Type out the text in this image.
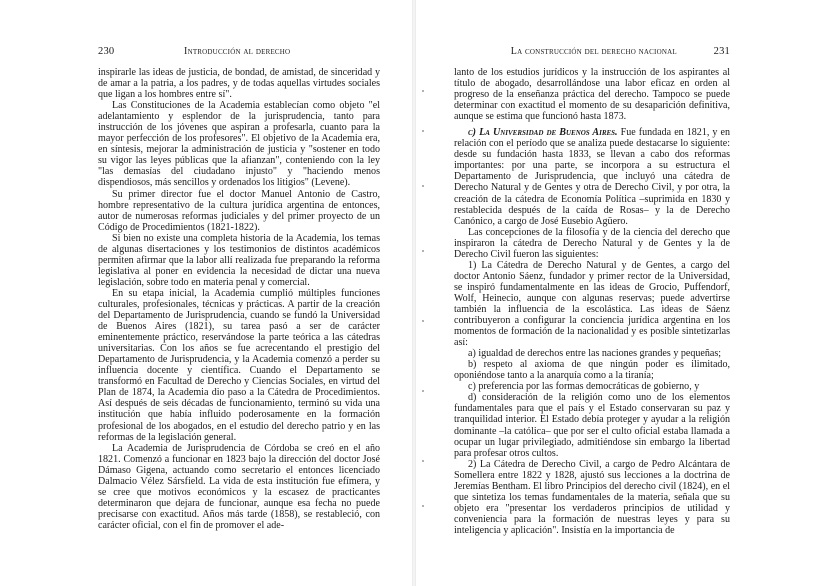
230	Introducción al derecho

inspirarle las ideas de justicia, de bondad, de amistad, de sinceridad y de amar a la patria, a los padres, y de todas aquellas virtudes sociales que ligan a los hombres entre sí".

Las Constituciones de la Academia establecían como objeto "el adelantamiento y esplendor de la jurisprudencia, tanto para instrucción de los jóvenes que aspiran a profesarla, cuanto para la mayor perfección de los profesores". El objetivo de la Academia era, en síntesis, mejorar la administración de justicia y "sostener en todo su vigor las leyes públicas que la afianzan", conteniendo con la ley "las demasías del ciudadano injusto" y "haciendo menos dispendiosos, más sencillos y ordenados los litigios" (Levene).

Su primer director fue el doctor Manuel Antonio de Castro, hombre representativo de la cultura jurídica argentina de entonces, autor de numerosas reformas judiciales y del primer proyecto de un Código de Procedimientos (1821-1822).

Si bien no existe una completa historia de la Academia, los temas de algunas disertaciones y los testimonios de distintos académicos permiten afirmar que la labor allí realizada fue preparando la reforma legislativa al poner en evidencia la necesidad de dictar una nueva legislación, sobre todo en materia penal y comercial.

En su etapa inicial, la Academia cumplió múltiples funciones culturales, profesionales, técnicas y prácticas. A partir de la creación del Departamento de Jurisprudencia, cuando se fundó la Universidad de Buenos Aires (1821), su tarea pasó a ser de carácter eminentemente práctico, reservándose la parte teórica a las cátedras universitarias. Con los años se fue acrecentando el prestigio del Departamento de Jurisprudencia, y la Academia comenzó a perder su influencia docente y científica. Cuando el Departamento se transformó en Facultad de Derecho y Ciencias Sociales, en virtud del Plan de 1874, la Academia dio paso a la Cátedra de Procedimientos. Así después de seis décadas de funcionamiento, terminó su vida una institución que había influido poderosamente en la formación profesional de los abogados, en el estudio del derecho patrio y en las reformas de la legislación general.

La Academia de Jurisprudencia de Córdoba se creó en el año 1821. Comenzó a funcionar en 1823 bajo la dirección del doctor José Dámaso Gigena, actuando como secretario el entonces licenciado Dalmacio Vélez Sársfield. La vida de esta institución fue efímera, y se cree que motivos económicos y la escasez de practicantes determinaron que dejara de funcionar, aunque esa fecha no puede precisarse con exactitud. Años más tarde (1858), se restableció, con carácter oficial, con el fin de promover el ade-

La construcción del derecho nacional	231

lanto de los estudios jurídicos y la instrucción de los aspirantes al título de abogado, desarrollándose una labor eficaz en orden al progreso de la enseñanza práctica del derecho. Tampoco se puede determinar con exactitud el momento de su desaparición definitiva, aunque se estima que funcionó hasta 1873.

c) La Universidad de Buenos Aires. Fue fundada en 1821, y en relación con el período que se analiza puede destacarse lo siguiente: desde su fundación hasta 1833, se llevan a cabo dos reformas importantes: por una parte, se incorpora a su estructura el Departamento de Jurisprudencia, que incluyó una cátedra de Derecho Natural y de Gentes y otra de Derecho Civil, y por otra, la creación de la cátedra de Economía Política –suprimida en 1830 y restablecida después de la caída de Rosas– y la de Derecho Canónico, a cargo de José Eusebio Agüero.

Las concepciones de la filosofía y de la ciencia del derecho que inspiraron la cátedra de Derecho Natural y de Gentes y la de Derecho Civil fueron las siguientes:

1) La Cátedra de Derecho Natural y de Gentes, a cargo del doctor Antonio Sáenz, fundador y primer rector de la Universidad, se inspiró fundamentalmente en las ideas de Grocio, Puffendorf, Wolf, Heinecio, aunque con algunas reservas; puede advertirse también la influencia de la escolástica. Las ideas de Sáenz contribuyeron a configurar la conciencia jurídica argentina en los momentos de formación de la nacionalidad y es posible sintetizarlas así:

a) igualdad de derechos entre las naciones grandes y pequeñas;

b) respeto al axioma de que ningún poder es ilimitado, oponiéndose tanto a la anarquía como a la tiranía;

c) preferencia por las formas democráticas de gobierno, y

d) consideración de la religión como uno de los elementos fundamentales para que el país y el Estado conservaran su paz y tranquilidad interior. El Estado debía proteger y ayudar a la religión dominante –la católica– que por ser el culto oficial estaba llamada a ocupar un lugar privilegiado, admitiéndose sin embargo la libertad para profesar otros cultos.

2) La Cátedra de Derecho Civil, a cargo de Pedro Alcántara de Somellera entre 1822 y 1828, ajustó sus lecciones a la doctrina de Jeremías Bentham. El libro Principios del derecho civil (1824), en el que sintetiza los temas fundamentales de la materia, señala que su objeto era "presentar los verdaderos principios de utilidad y conveniencia para la formación de nuestras leyes y para su inteligencia y aplicación". Insistía en la importancia de
